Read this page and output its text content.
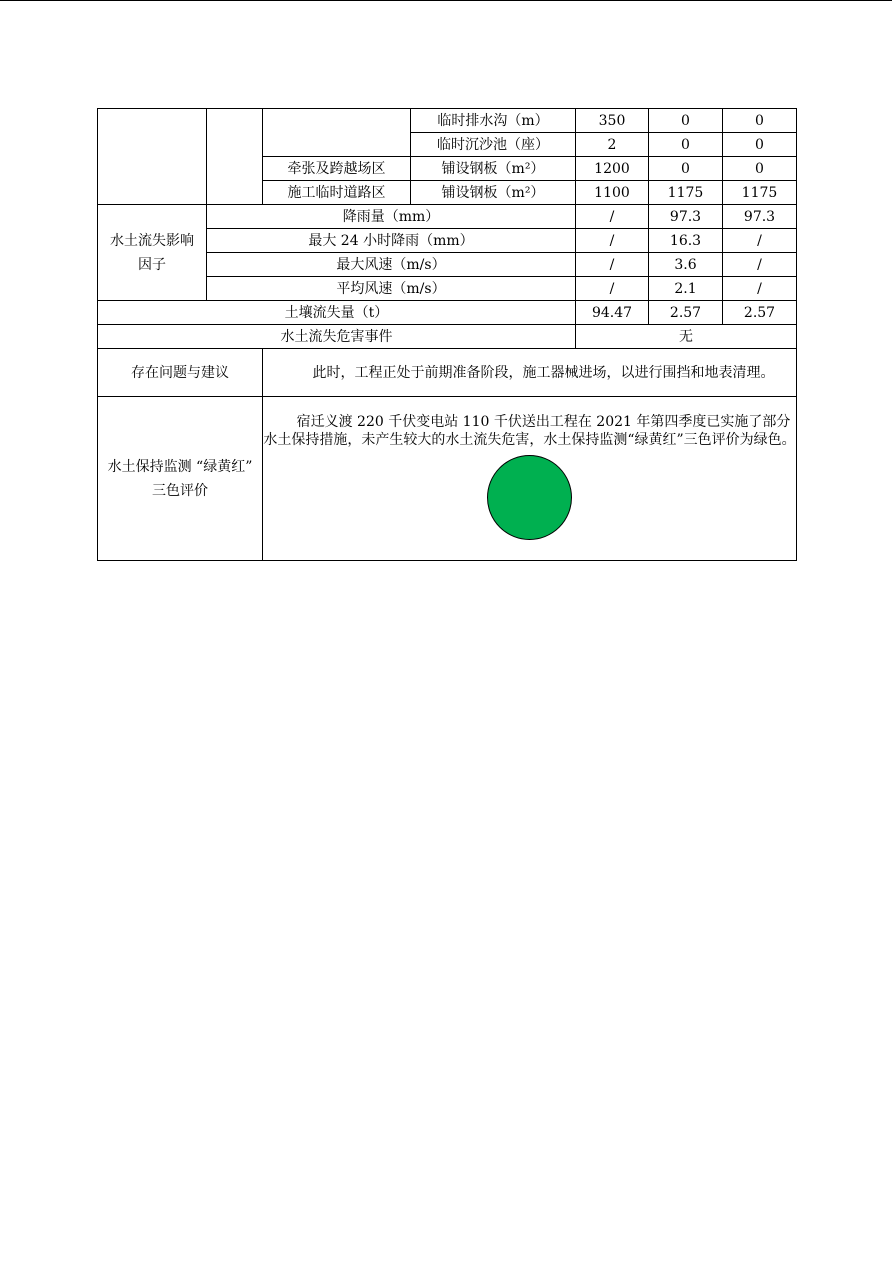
			临时排水沟（m）	350	0	0
			临时沉沙池（座）	2	0	0
		牵张及跨越场区	铺设钢板（m²）	1200	0	0
		施工临时道路区	铺设钢板（m²）	1100	1175	1175
水土流失影响因子	降雨量（mm）			/	97.3	97.3
	最大 24 小时降雨（mm）			/	16.3	/
	最大风速（m/s）			/	3.6	/
	平均风速（m/s）			/	2.1	/
土壤流失量（t）				94.47	2.57	2.57
水土流失危害事件				无		
存在问题与建议		此时，工程正处于前期准备阶段，施工器械进场，以进行围挡和地表清理。				
水土保持监测 “绿黄红” 三色评价		宿迁义渡 220 千伏变电站 110 千伏送出工程在 2021 年第四季度已实施了部分水土保持措施，未产生较大的水土流失危害，水土保持监测“绿黄红”三色评价为绿色。				
